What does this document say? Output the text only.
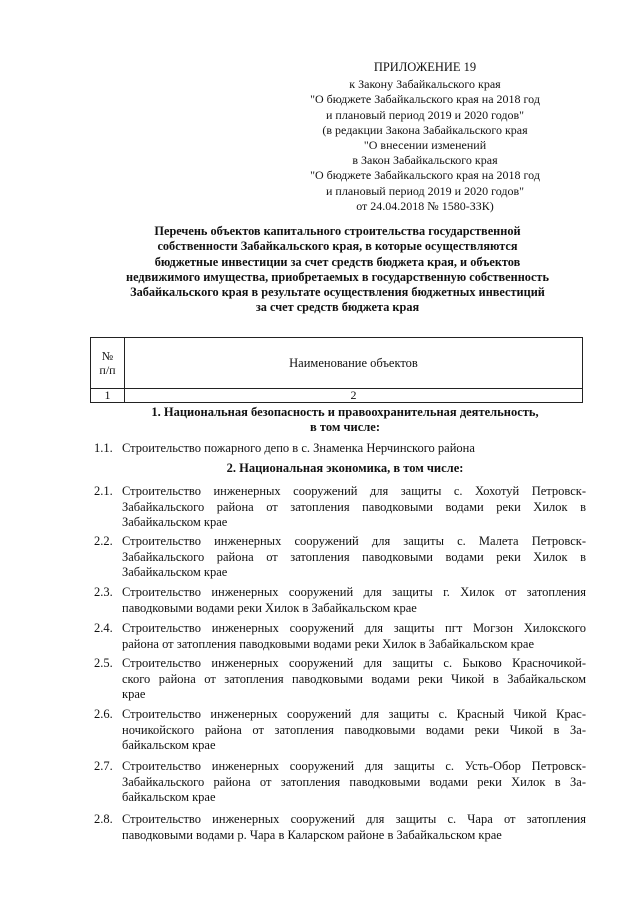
ПРИЛОЖЕНИЕ 19
к Закону Забайкальского края
"О бюджете Забайкальского края на 2018 год
и плановый период 2019 и 2020 годов"
(в редакции Закона Забайкальского края
"О внесении изменений
в Закон Забайкальского края
"О бюджете Забайкальского края на 2018 год
и плановый период 2019 и 2020 годов"
от 24.04.2018 № 1580-ЗЗК)
Перечень объектов капитального строительства государственной
собственности Забайкальского края, в которые осуществляются
бюджетные инвестиции за счет средств бюджета края, и объектов
недвижимого имущества, приобретаемых в государственную собственность
Забайкальского края в результате осуществления бюджетных инвестиций
за счет средств бюджета края
№
п/п	Наименование объектов
1	2
1. Национальная безопасность и правоохранительная деятельность,
в том числе:
1.1. Строительство пожарного депо в с. Знаменка Нерчинского района
2. Национальная экономика, в том числе:
2.1. Строительство инженерных сооружений для защиты с. Хохотуй Петровск-
Забайкальского района от затопления паводковыми водами реки Хилок в
Забайкальском крае
2.2. Строительство инженерных сооружений для защиты с. Малета Петровск-
Забайкальского района от затопления паводковыми водами реки Хилок в
Забайкальском крае
2.3. Строительство инженерных сооружений для защиты г. Хилок от затопления
паводковыми водами реки Хилок в Забайкальском крае
2.4. Строительство инженерных сооружений для защиты пгт Могзон Хилокского
района от затопления паводковыми водами реки Хилок в Забайкальском крае
2.5. Строительство инженерных сооружений для защиты с. Быково Красночикой-
ского района от затопления паводковыми водами реки Чикой в Забайкальском
крае
2.6. Строительство инженерных сооружений для защиты с. Красный Чикой Крас-
ночикойского района от затопления паводковыми водами реки Чикой в За-
байкальском крае
2.7. Строительство инженерных сооружений для защиты с. Усть-Обор Петровск-
Забайкальского района от затопления паводковыми водами реки Хилок в За-
байкальском крае
2.8. Строительство инженерных сооружений для защиты с. Чара от затопления
паводковыми водами р. Чара в Каларском районе в Забайкальском крае
